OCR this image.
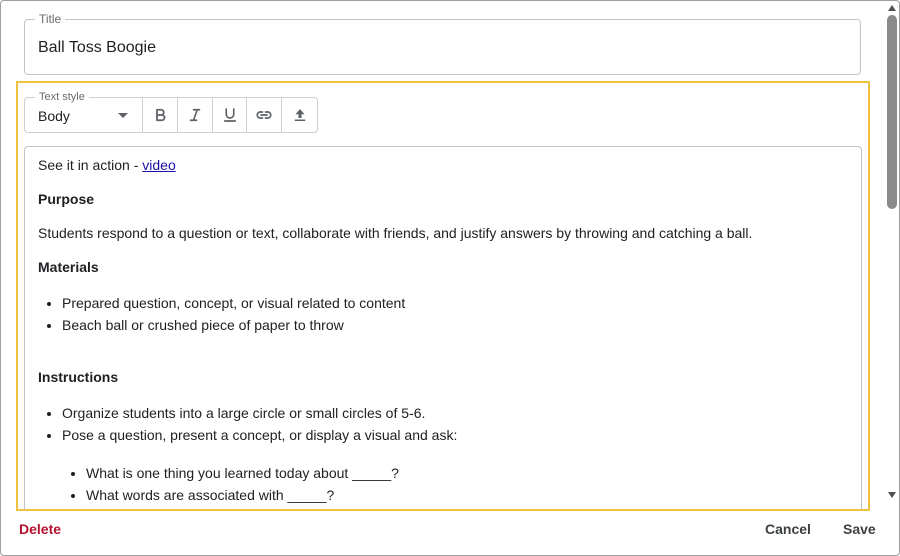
Title
Ball Toss Boogie
Text style
Body

See it in action - video

Purpose

Students respond to a question or text, collaborate with friends, and justify answers by throwing and catching a ball.

Materials

• Prepared question, concept, or visual related to content
• Beach ball or crushed piece of paper to throw

Instructions

• Organize students into a large circle or small circles of 5-6.
• Pose a question, present a concept, or display a visual and ask:
• What is one thing you learned today about _____?
• What words are associated with _____?
Delete	Cancel Save
